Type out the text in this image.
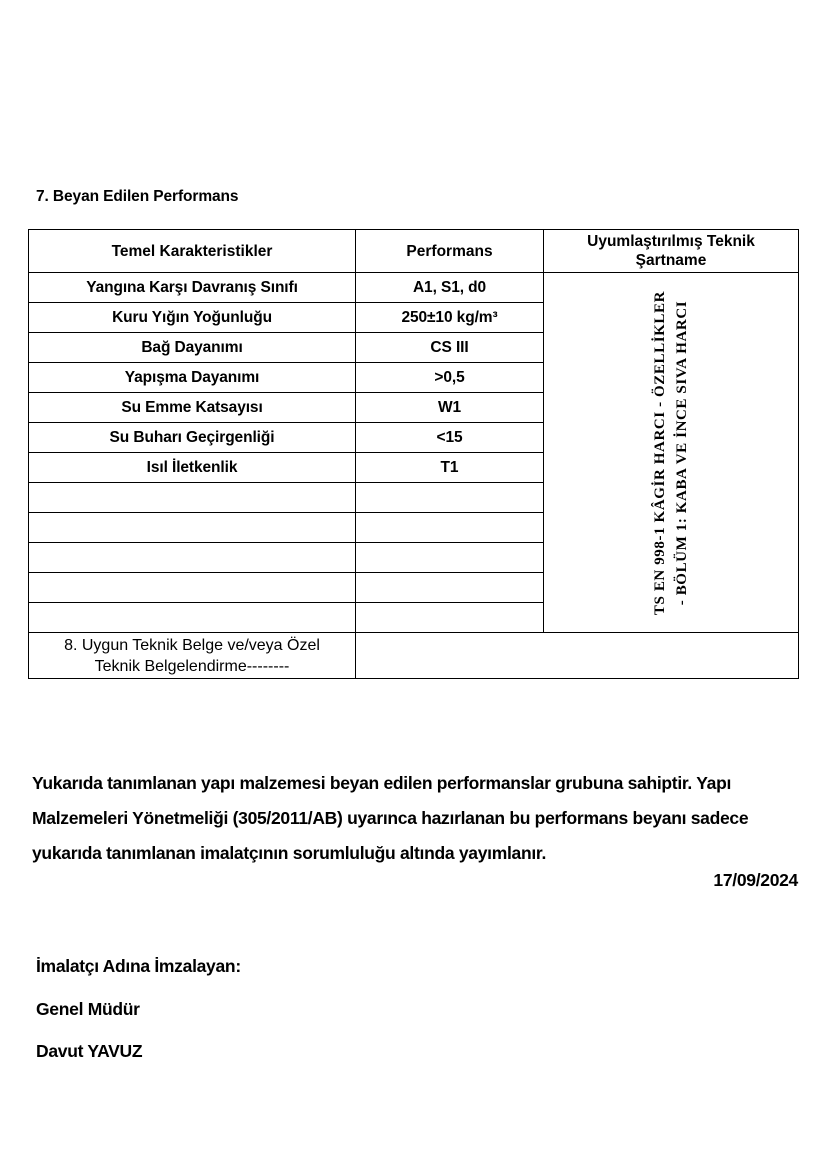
7. Beyan Edilen Performans
Temel Karakteristikler	Performans	Uyumlaştırılmış Teknik Şartname
Yangına Karşı Davranış Sınıfı	A1, S1, d0	TS EN 998-1 KÂGİR HARCI - ÖZELLİKLER - BÖLÜM 1: KABA VE İNCE SIVA HARCI

Kuru Yığın Yoğunluğu	250±10 kg/m³	
Bağ Dayanımı	CS III	
Yapışma Dayanımı	>0,5	
Su Emme Katsayısı	W1	
Su Buharı Geçirgenliği	<15	
Isıl İletkenlik	T1	

8. Uygun Teknik Belge ve/veya Özel
Teknik Belgelendirme--------		

Yukarıda tanımlanan yapı malzemesi beyan edilen performanslar grubuna sahiptir. Yapı
Malzemeleri Yönetmeliği (305/2011/AB) uyarınca hazırlanan bu performans beyanı sadece
yukarıda tanımlanan imalatçının sorumluluğu altında yayımlanır.
17/09/2024
İmalatçı Adına İmzalayan:
Genel Müdür
Davut YAVUZ
